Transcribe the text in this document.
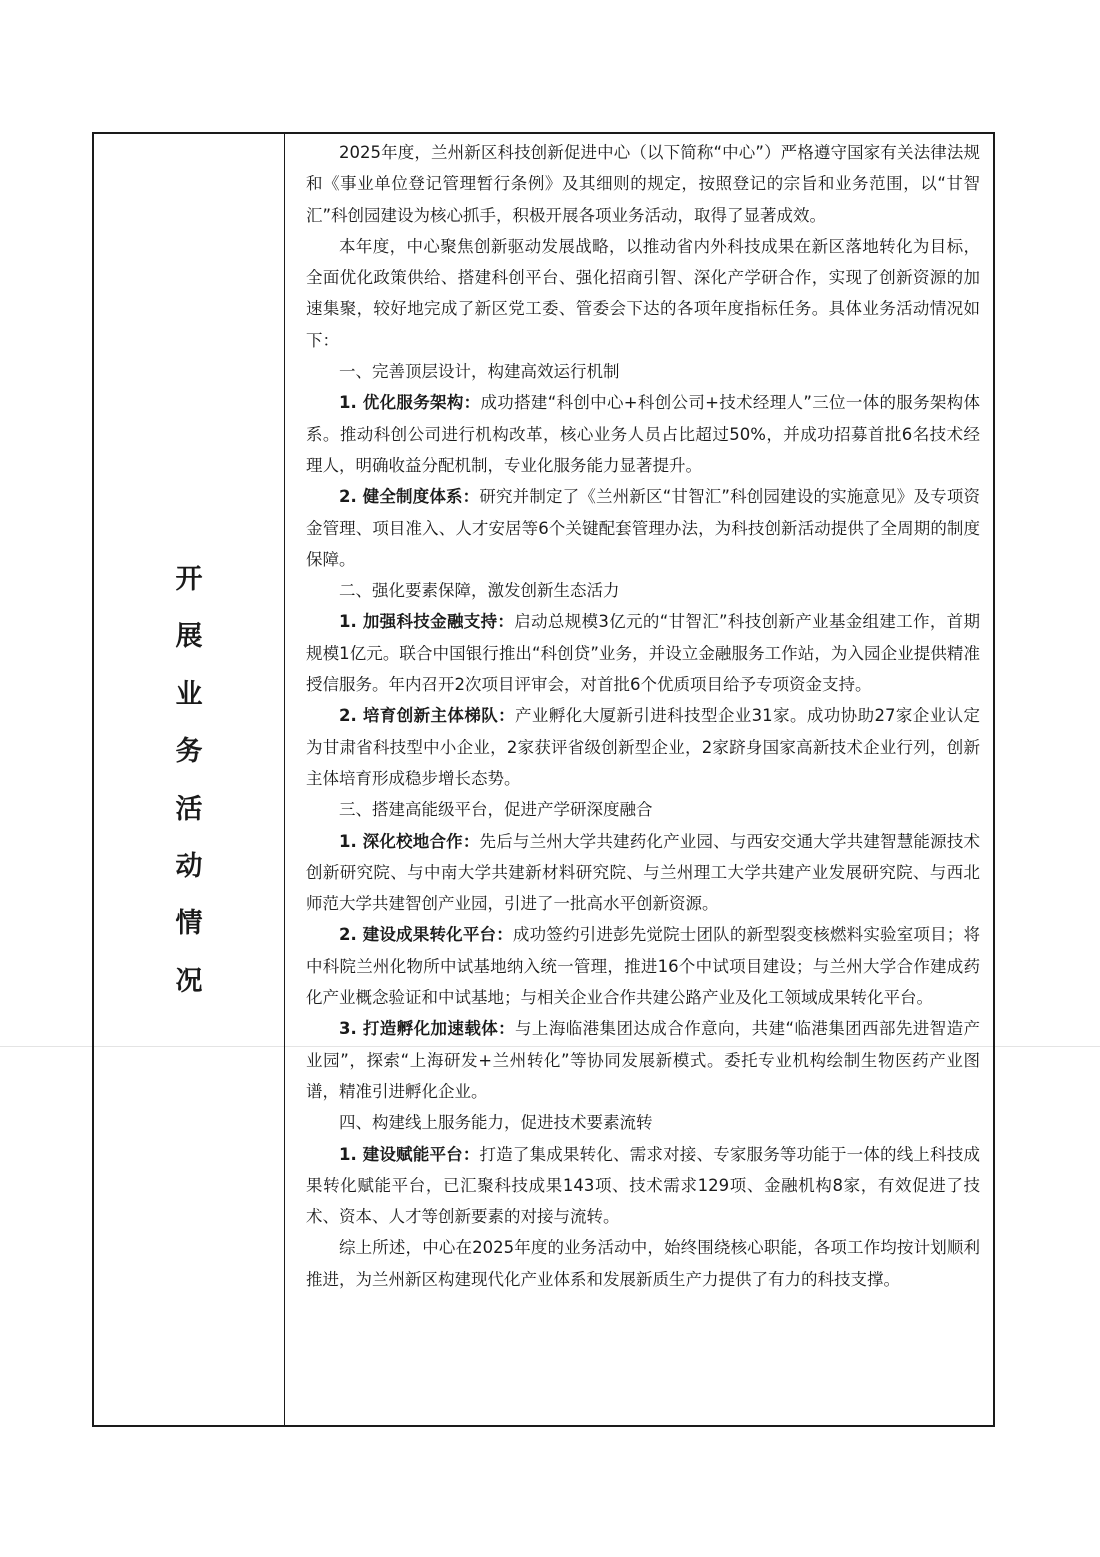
开
展
业
务
活
动
情
况

2025年度，兰州新区科技创新促进中心（以下简称“中心”）严格遵守国家有关法律法规和《事业单位登记管理暂行条例》及其细则的规定，按照登记的宗旨和业务范围，以“甘智汇”科创园建设为核心抓手，积极开展各项业务活动，取得了显著成效。

本年度，中心聚焦创新驱动发展战略，以推动省内外科技成果在新区落地转化为目标，全面优化政策供给、搭建科创平台、强化招商引智、深化产学研合作，实现了创新资源的加速集聚，较好地完成了新区党工委、管委会下达的各项年度指标任务。具体业务活动情况如下：

一、完善顶层设计，构建高效运行机制

1. 优化服务架构：成功搭建“科创中心+科创公司+技术经理人”三位一体的服务架构体系。推动科创公司进行机构改革，核心业务人员占比超过50%，并成功招募首批6名技术经理人，明确收益分配机制，专业化服务能力显著提升。

2. 健全制度体系：研究并制定了《兰州新区“甘智汇”科创园建设的实施意见》及专项资金管理、项目准入、人才安居等6个关键配套管理办法，为科技创新活动提供了全周期的制度保障。

二、强化要素保障，激发创新生态活力

1. 加强科技金融支持：启动总规模3亿元的“甘智汇”科技创新产业基金组建工作，首期规模1亿元。联合中国银行推出“科创贷”业务，并设立金融服务工作站，为入园企业提供精准授信服务。年内召开2次项目评审会，对首批6个优质项目给予专项资金支持。

2. 培育创新主体梯队：产业孵化大厦新引进科技型企业31家。成功协助27家企业认定为甘肃省科技型中小企业，2家获评省级创新型企业，2家跻身国家高新技术企业行列，创新主体培育形成稳步增长态势。

三、搭建高能级平台，促进产学研深度融合

1. 深化校地合作：先后与兰州大学共建药化产业园、与西安交通大学共建智慧能源技术创新研究院、与中南大学共建新材料研究院、与兰州理工大学共建产业发展研究院、与西北师范大学共建智创产业园，引进了一批高水平创新资源。

2. 建设成果转化平台：成功签约引进彭先觉院士团队的新型裂变核燃料实验室项目；将中科院兰州化物所中试基地纳入统一管理，推进16个中试项目建设；与兰州大学合作建成药化产业概念验证和中试基地；与相关企业合作共建公路产业及化工领域成果转化平台。

3. 打造孵化加速载体：与上海临港集团达成合作意向，共建“临港集团西部先进智造产业园”，探索“上海研发+兰州转化”等协同发展新模式。委托专业机构绘制生物医药产业图谱，精准引进孵化企业。

四、构建线上服务能力，促进技术要素流转

1. 建设赋能平台：打造了集成果转化、需求对接、专家服务等功能于一体的线上科技成果转化赋能平台，已汇聚科技成果143项、技术需求129项、金融机构8家，有效促进了技术、资本、人才等创新要素的对接与流转。

综上所述，中心在2025年度的业务活动中，始终围绕核心职能，各项工作均按计划顺利推进，为兰州新区构建现代化产业体系和发展新质生产力提供了有力的科技支撑。
